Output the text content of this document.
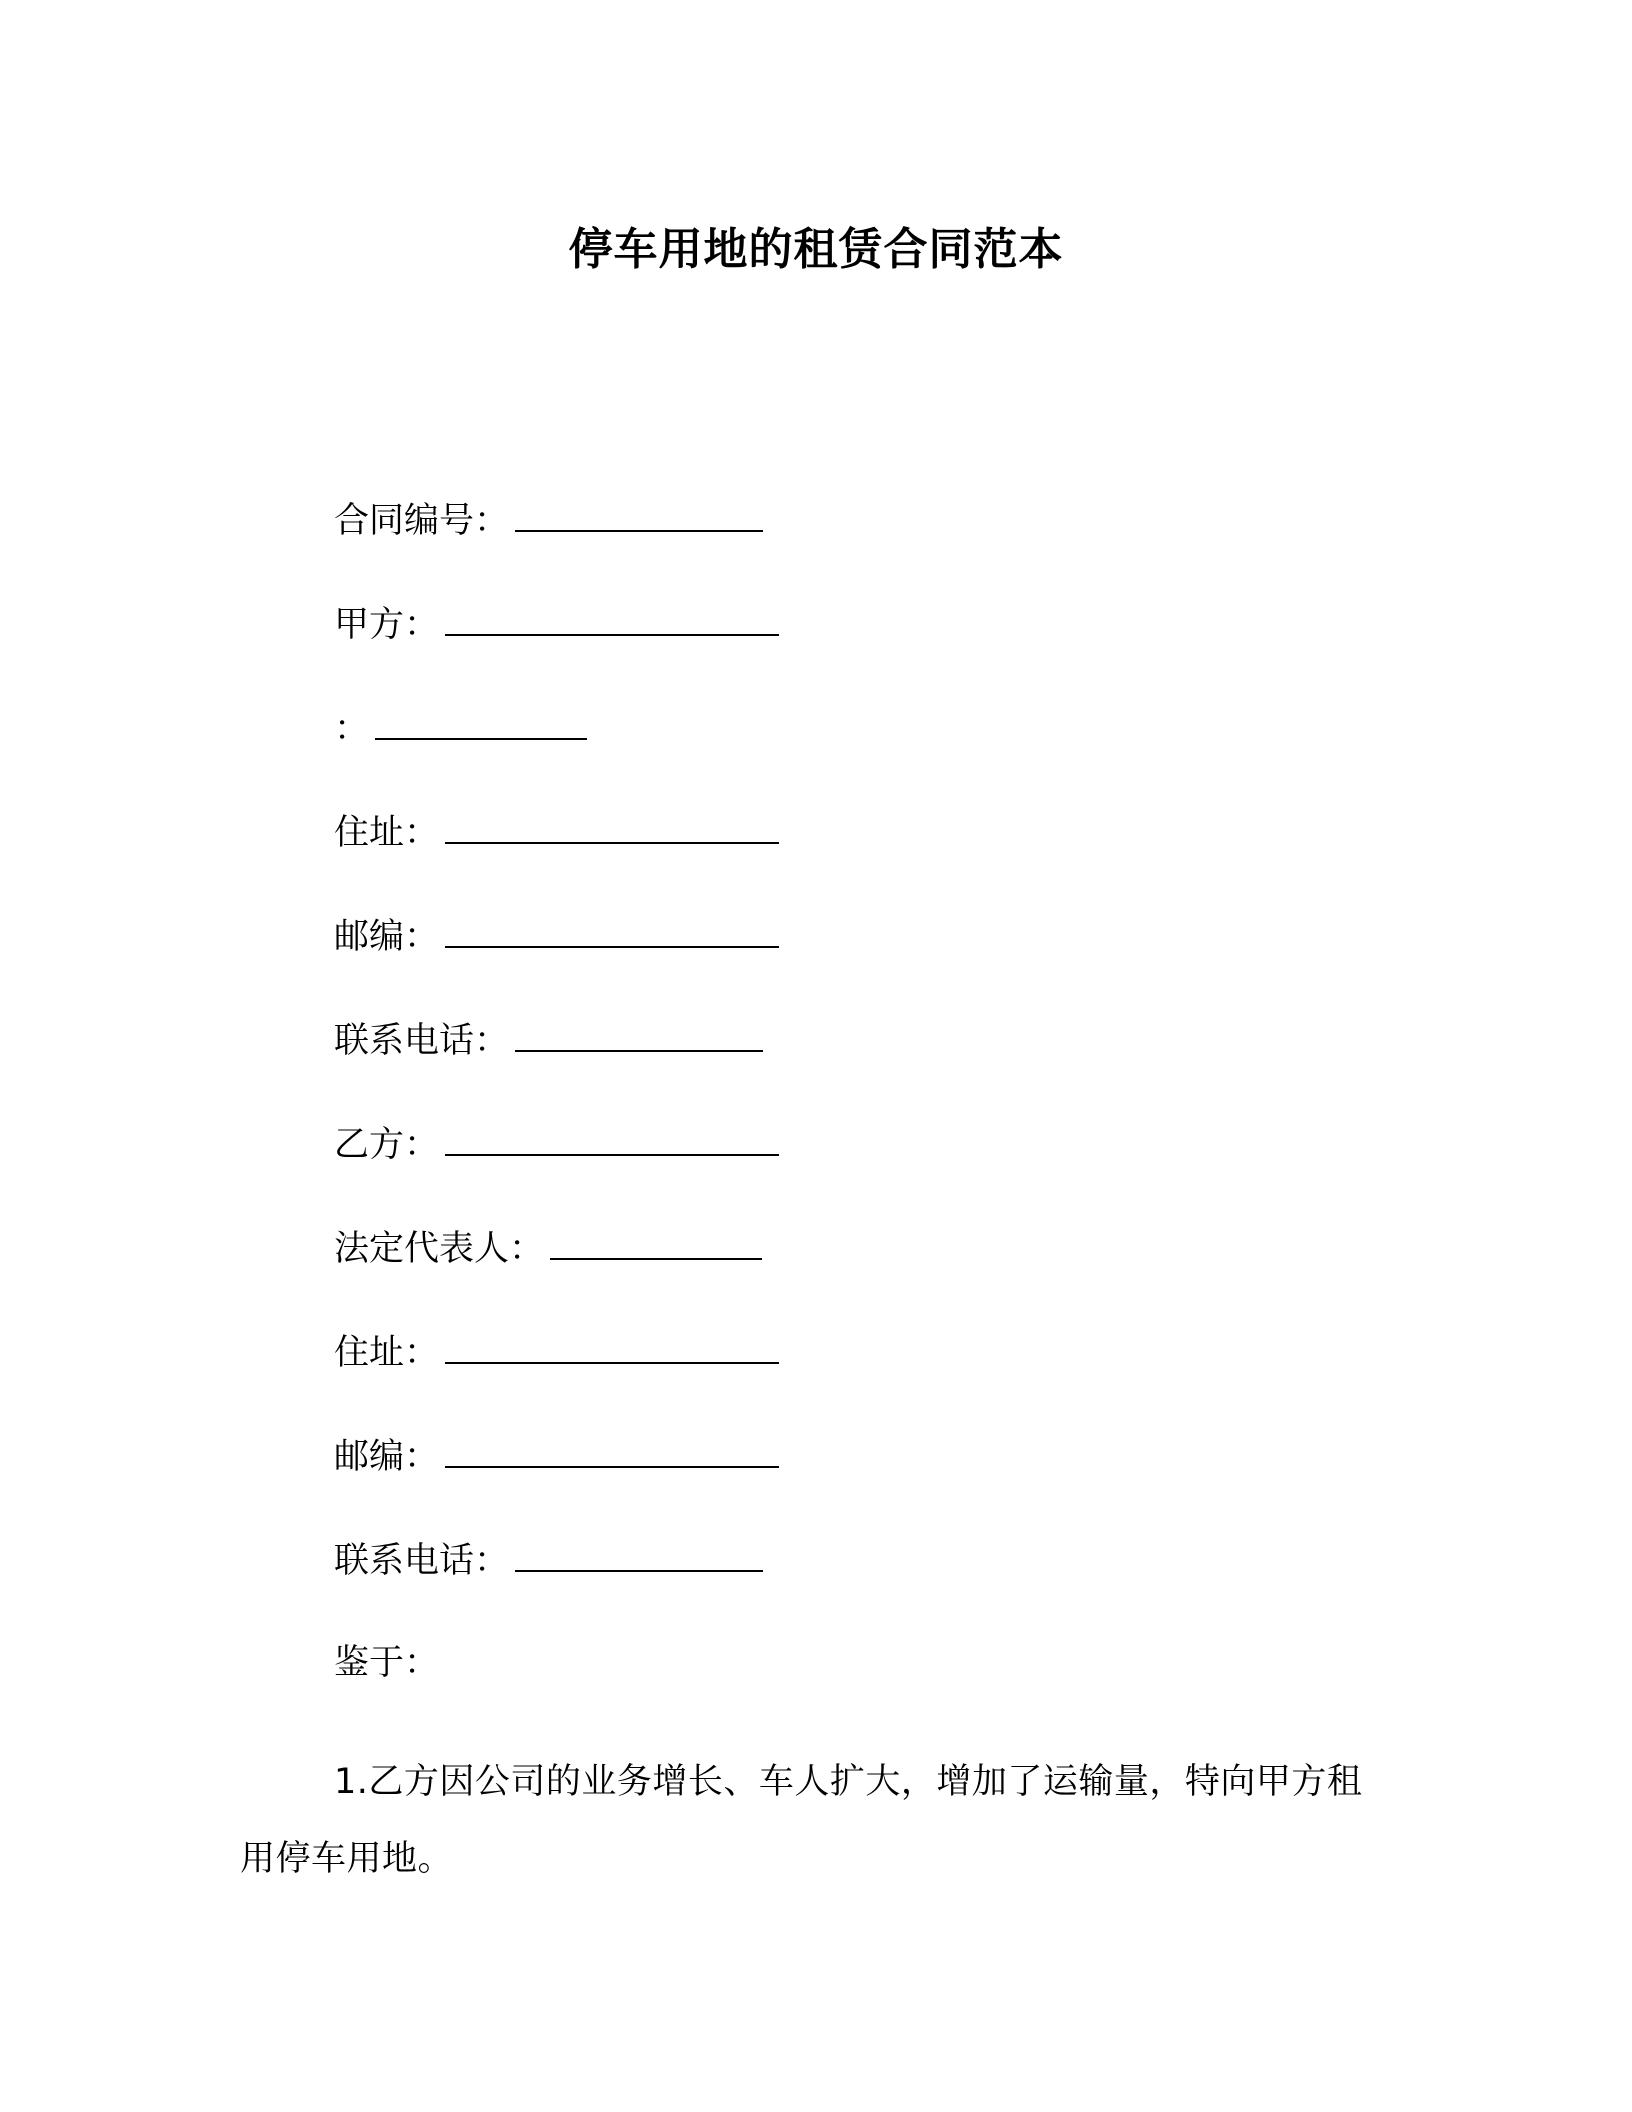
停车用地的租赁合同范本
合同编号：
甲方：
：
住址：
邮编：
联系电话：
乙方：
法定代表人：
住址：
邮编：
联系电话：
鉴于：
1.乙方因公司的业务增长、车人扩大，增加了运输量，特向甲方租用停车用地。
